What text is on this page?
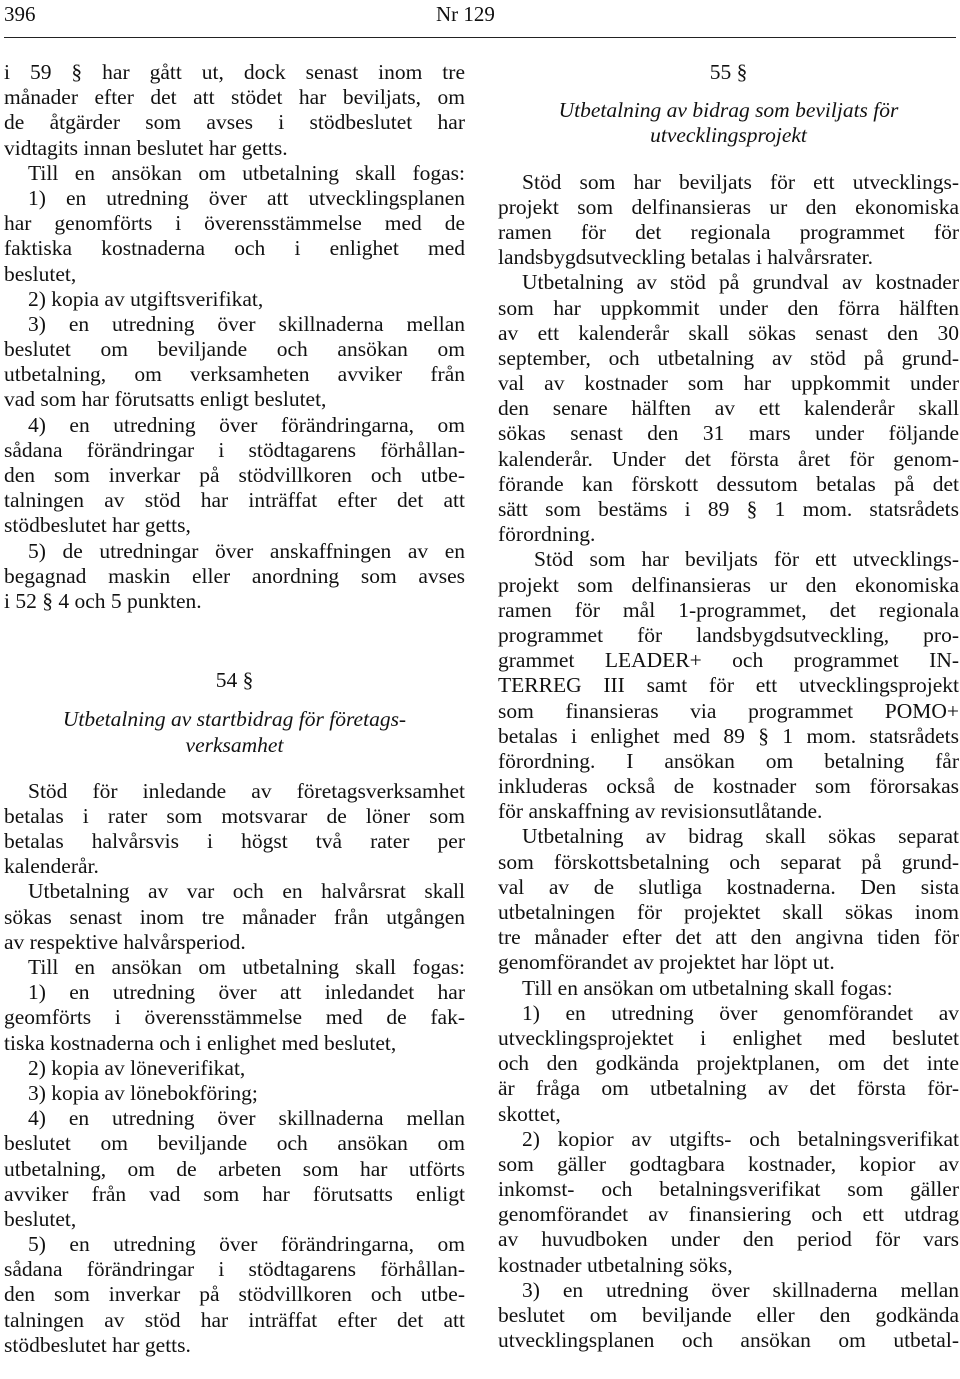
396	Nr 129
i 59 § har gått ut, dock senast inom tre
månader efter det att stödet har beviljats, om
de åtgärder som avses i stödbeslutet har
vidtagits innan beslutet har getts.
Till en ansökan om utbetalning skall fogas:
1) en utredning över att utvecklingsplanen
har genomförts i överensstämmelse med de
faktiska kostnaderna och i enlighet med
beslutet,
2) kopia av utgiftsverifikat,
3) en utredning över skillnaderna mellan
beslutet om beviljande och ansökan om
utbetalning, om verksamheten avviker från
vad som har förutsatts enligt beslutet,
4) en utredning över förändringarna, om
sådana förändringar i stödtagarens förhållan-
den som inverkar på stödvillkoren och utbe-
talningen av stöd har inträffat efter det att
stödbeslutet har getts,
5) de utredningar över anskaffningen av en
begagnad maskin eller anordning som avses
i 52 § 4 och 5 punkten.
54 §
Utbetalning av startbidrag för företags-
verksamhet
Stöd för inledande av företagsverksamhet
betalas i rater som motsvarar de löner som
betalas halvårsvis i högst två rater per
kalenderår.
Utbetalning av var och en halvårsrat skall
sökas senast inom tre månader från utgången
av respektive halvårsperiod.
Till en ansökan om utbetalning skall fogas:
1) en utredning över att inledandet har
geomförts i överensstämmelse med de fak-
tiska kostnaderna och i enlighet med beslutet,
2) kopia av löneverifikat,
3) kopia av lönebokföring;
4) en utredning över skillnaderna mellan
beslutet om beviljande och ansökan om
utbetalning, om de arbeten som har utförts
avviker från vad som har förutsatts enligt
beslutet,
5) en utredning över förändringarna, om
sådana förändringar i stödtagarens förhållan-
den som inverkar på stödvillkoren och utbe-
talningen av stöd har inträffat efter det att
stödbeslutet har getts.
55 §
Utbetalning av bidrag som beviljats för
utvecklingsprojekt
Stöd som har beviljats för ett utvecklings-
projekt som delfinansieras ur den ekonomiska
ramen för det regionala programmet för
landsbygdsutveckling betalas i halvårsrater.
Utbetalning av stöd på grundval av kostnader
som har uppkommit under den förra hälften
av ett kalenderår skall sökas senast den 30
september, och utbetalning av stöd på grund-
val av kostnader som har uppkommit under
den senare hälften av ett kalenderår skall
sökas senast den 31 mars under följande
kalenderår. Under det första året för genom-
förande kan förskott dessutom betalas på det
sätt som bestäms i 89 § 1 mom. statsrådets
förordning.
Stöd som har beviljats för ett utvecklings-
projekt som delfinansieras ur den ekonomiska
ramen för mål 1-programmet, det regionala
programmet för landsbygdsutveckling, pro-
grammet LEADER+ och programmet IN-
TERREG III samt för ett utvecklingsprojekt
som finansieras via programmet POMO+
betalas i enlighet med 89 § 1 mom. statsrådets
förordning. I ansökan om betalning får
inkluderas också de kostnader som förorsakas
för anskaffning av revisionsutlåtande.
Utbetalning av bidrag skall sökas separat
som förskottsbetalning och separat på grund-
val av de slutliga kostnaderna. Den sista
utbetalningen för projektet skall sökas inom
tre månader efter det att den angivna tiden för
genomförandet av projektet har löpt ut.
Till en ansökan om utbetalning skall fogas:
1) en utredning över genomförandet av
utvecklingsprojektet i enlighet med beslutet
och den godkända projektplanen, om det inte
är fråga om utbetalning av det första för-
skottet,
2) kopior av utgifts- och betalningsverifikat
som gäller godtagbara kostnader, kopior av
inkomst- och betalningsverifikat som gäller
genomförandet av finansiering och ett utdrag
av huvudboken under den period för vars
kostnader utbetalning söks,
3) en utredning över skillnaderna mellan
beslutet om beviljande eller den godkända
utvecklingsplanen och ansökan om utbetal-
